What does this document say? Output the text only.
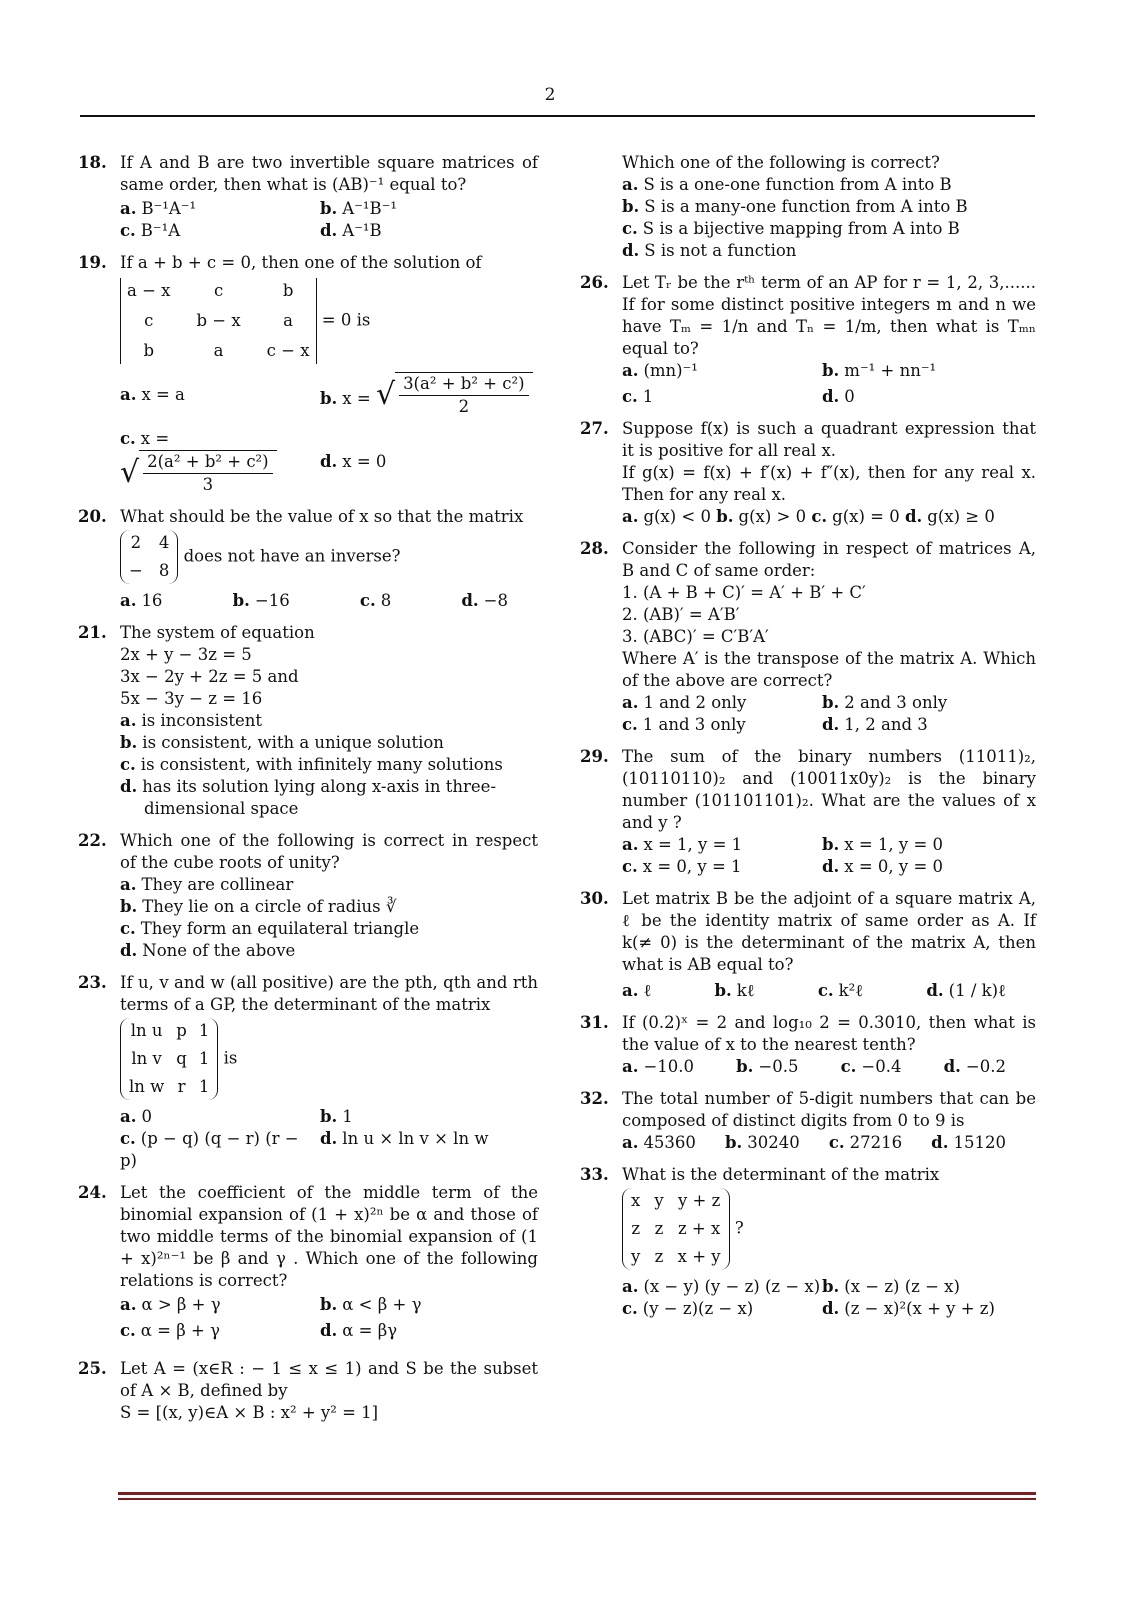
2
18. If A and B are two invertible square matrices of same order, then what is (AB)⁻¹ equal to?
a. B⁻¹A⁻¹	b. A⁻¹B⁻¹
c. B⁻¹A	d. A⁻¹B
19. If a + b + c = 0, then one of the solution of
a − x	c	b
c	b − x	a
b	a	c − x
= 0 is
a. x = a	b. x = √ $\frac{\text{3(a² + b² + c²)}}{2}$
c. x =
√ $\frac{\text{2(a² + b² + c²)}}{3}$	d. x = 0
20. What should be the value of x so that the matrix
2 4
− 8
does not have an inverse?
a. 16	b. −16	c. 8	d. −8
21. The system of equation
2x + y − 3z = 5
3x − 2y + 2z = 5 and
5x − 3y − z = 16
a. is inconsistent
b. is consistent, with a unique solution
c. is consistent, with infinitely many solutions
d. has its solution lying along x-axis in three-dimensional space
22. Which one of the following is correct in respect of the cube roots of unity?
a. They are collinear
b. They lie on a circle of radius ∛
c. They form an equilateral triangle
d. None of the above
23. If u, v and w (all positive) are the pth, qth and rth terms of a GP, the determinant of the matrix
ln u p 1
ln v q 1
ln w r 1
is
a. 0	b. 1
c. (p − q) (q − r) (r − p)
d. ln u × ln v × ln w
24. Let the coefficient of the middle term of the binomial expansion of (1 + x)²ⁿ be α and those of two middle terms of the binomial expansion of (1 + x)²ⁿ⁻¹ be β and γ . Which one of the following relations is correct?
a. α > β + γ	b. α < β + γ
c. α = β + γ	d. α = βγ
25. Let A = (x∈R : − 1 ≤ x ≤ 1) and S be the subset of A × B, defined by
S = [(x, y)∈A × B : x² + y² = 1]
Which one of the following is correct?
a. S is a one-one function from A into B
b. S is a many-one function from A into B
c. S is a bijective mapping from A into B
d. S is not a function
26. Let Tᵣ be the rᵗʰ term of an AP for r = 1, 2, 3,...... If for some distinct positive integers m and n we have Tₘ = 1/n and Tₙ = 1/m, then what is Tₘₙ equal to?
a. (mn)⁻¹	b. m⁻¹ + nn⁻¹
c. 1	d. 0
27. Suppose f(x) is such a quadrant expression that it is positive for all real x.
If g(x) = f(x) + f′(x) + f″(x), then for any real x. Then for any real x.
a. g(x) < 0 b. g(x) > 0 c. g(x) = 0 d. g(x) ≥ 0
28. Consider the following in respect of matrices A, B and C of same order:
1. (A + B + C)′ = A′ + B′ + C′
2. (AB)′ = A′B′
3. (ABC)′ = C′B′A′
Where A′ is the transpose of the matrix A. Which of the above are correct?
a. 1 and 2 only	b. 2 and 3 only
c. 1 and 3 only	d. 1, 2 and 3
29. The sum of the binary numbers (11011)₂, (10110110)₂ and (10011x0y)₂ is the binary number (101101101)₂. What are the values of x and y ?
a. x = 1, y = 1	b. x = 1, y = 0
c. x = 0, y = 1	d. x = 0, y = 0
30. Let matrix B be the adjoint of a square matrix A, ℓ be the identity matrix of same order as A. If k(≠ 0) is the determinant of the matrix A, then what is AB equal to?
a. ℓ	b. kℓ	c. k²ℓ	d. (1 / k)ℓ
31. If (0.2)ˣ = 2 and log₁₀ 2 = 0.3010, then what is the value of x to the nearest tenth?
a. −10.0	b. −0.5	c. −0.4	d. −0.2
32. The total number of 5-digit numbers that can be composed of distinct digits from 0 to 9 is
a. 45360 b. 30240 c. 27216 d. 15120
33. What is the determinant of the matrix
x y y + z
z z z + x
y z x + y
?
a. (x − y) (y − z) (z − x) b. (x − z) (z − x)
c. (y − z)(z − x)	d. (z − x)²(x + y + z)
